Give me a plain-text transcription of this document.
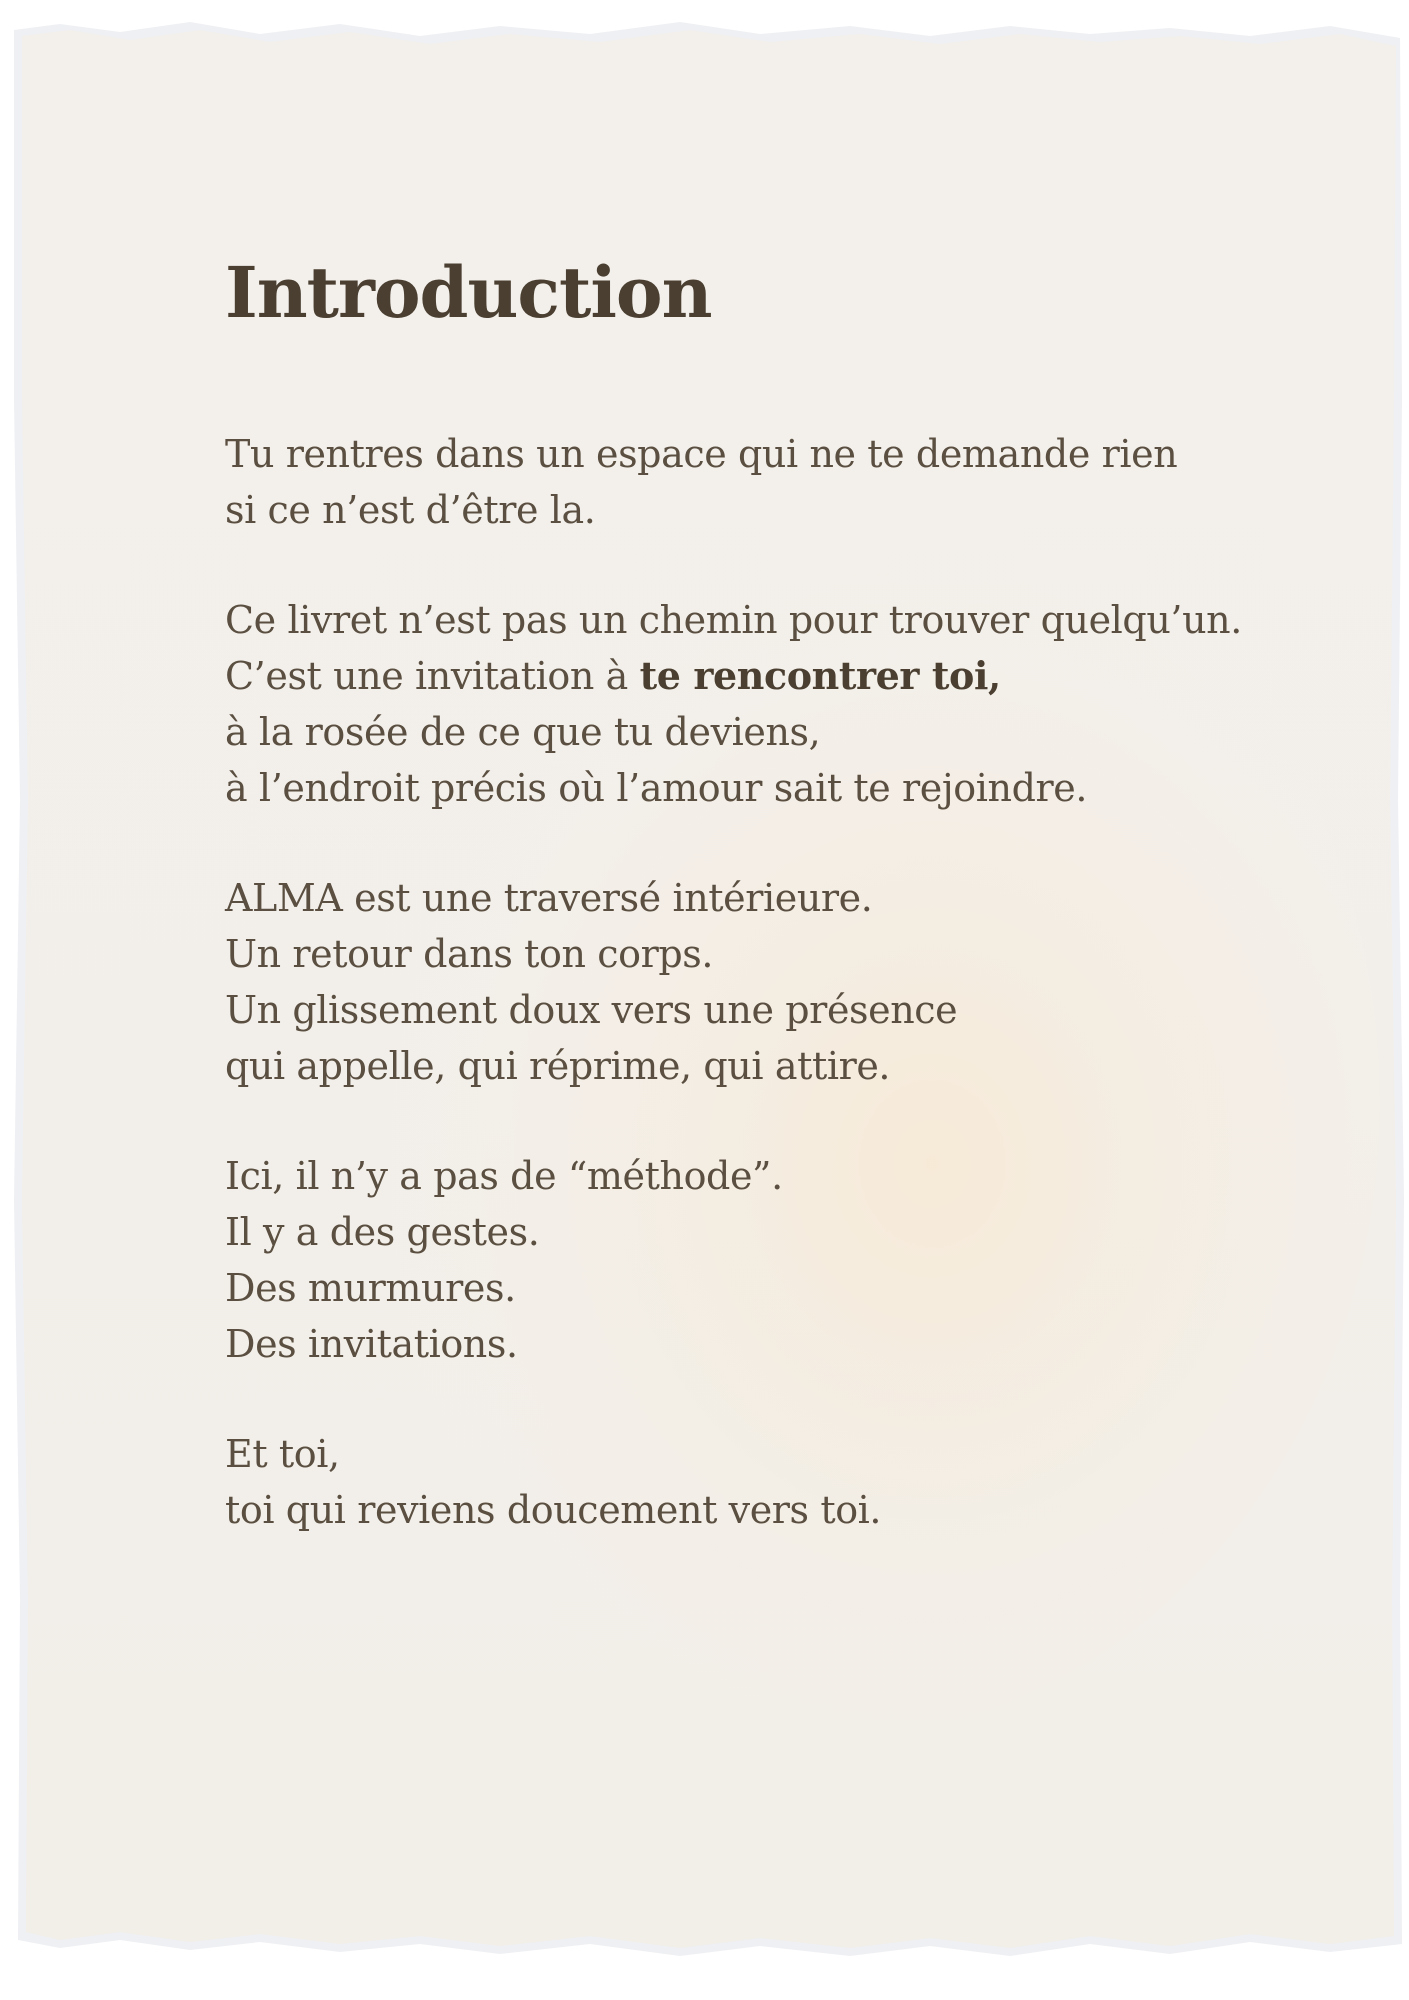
Introduction

Tu rentres dans un espace qui ne te demande rien
si ce n’est d’être la.

Ce livret n’est pas un chemin pour trouver quelqu’un.
C’est une invitation à te rencontrer toi,
à la rosée de ce que tu deviens,
à l’endroit précis où l’amour sait te rejoindre.

ALMA est une traversé intérieure.
Un retour dans ton corps.
Un glissement doux vers une présence
qui appelle, qui réprime, qui attire.

Ici, il n’y a pas de “méthode”.
Il y a des gestes.
Des murmures.
Des invitations.

Et toi,
toi qui reviens doucement vers toi.
